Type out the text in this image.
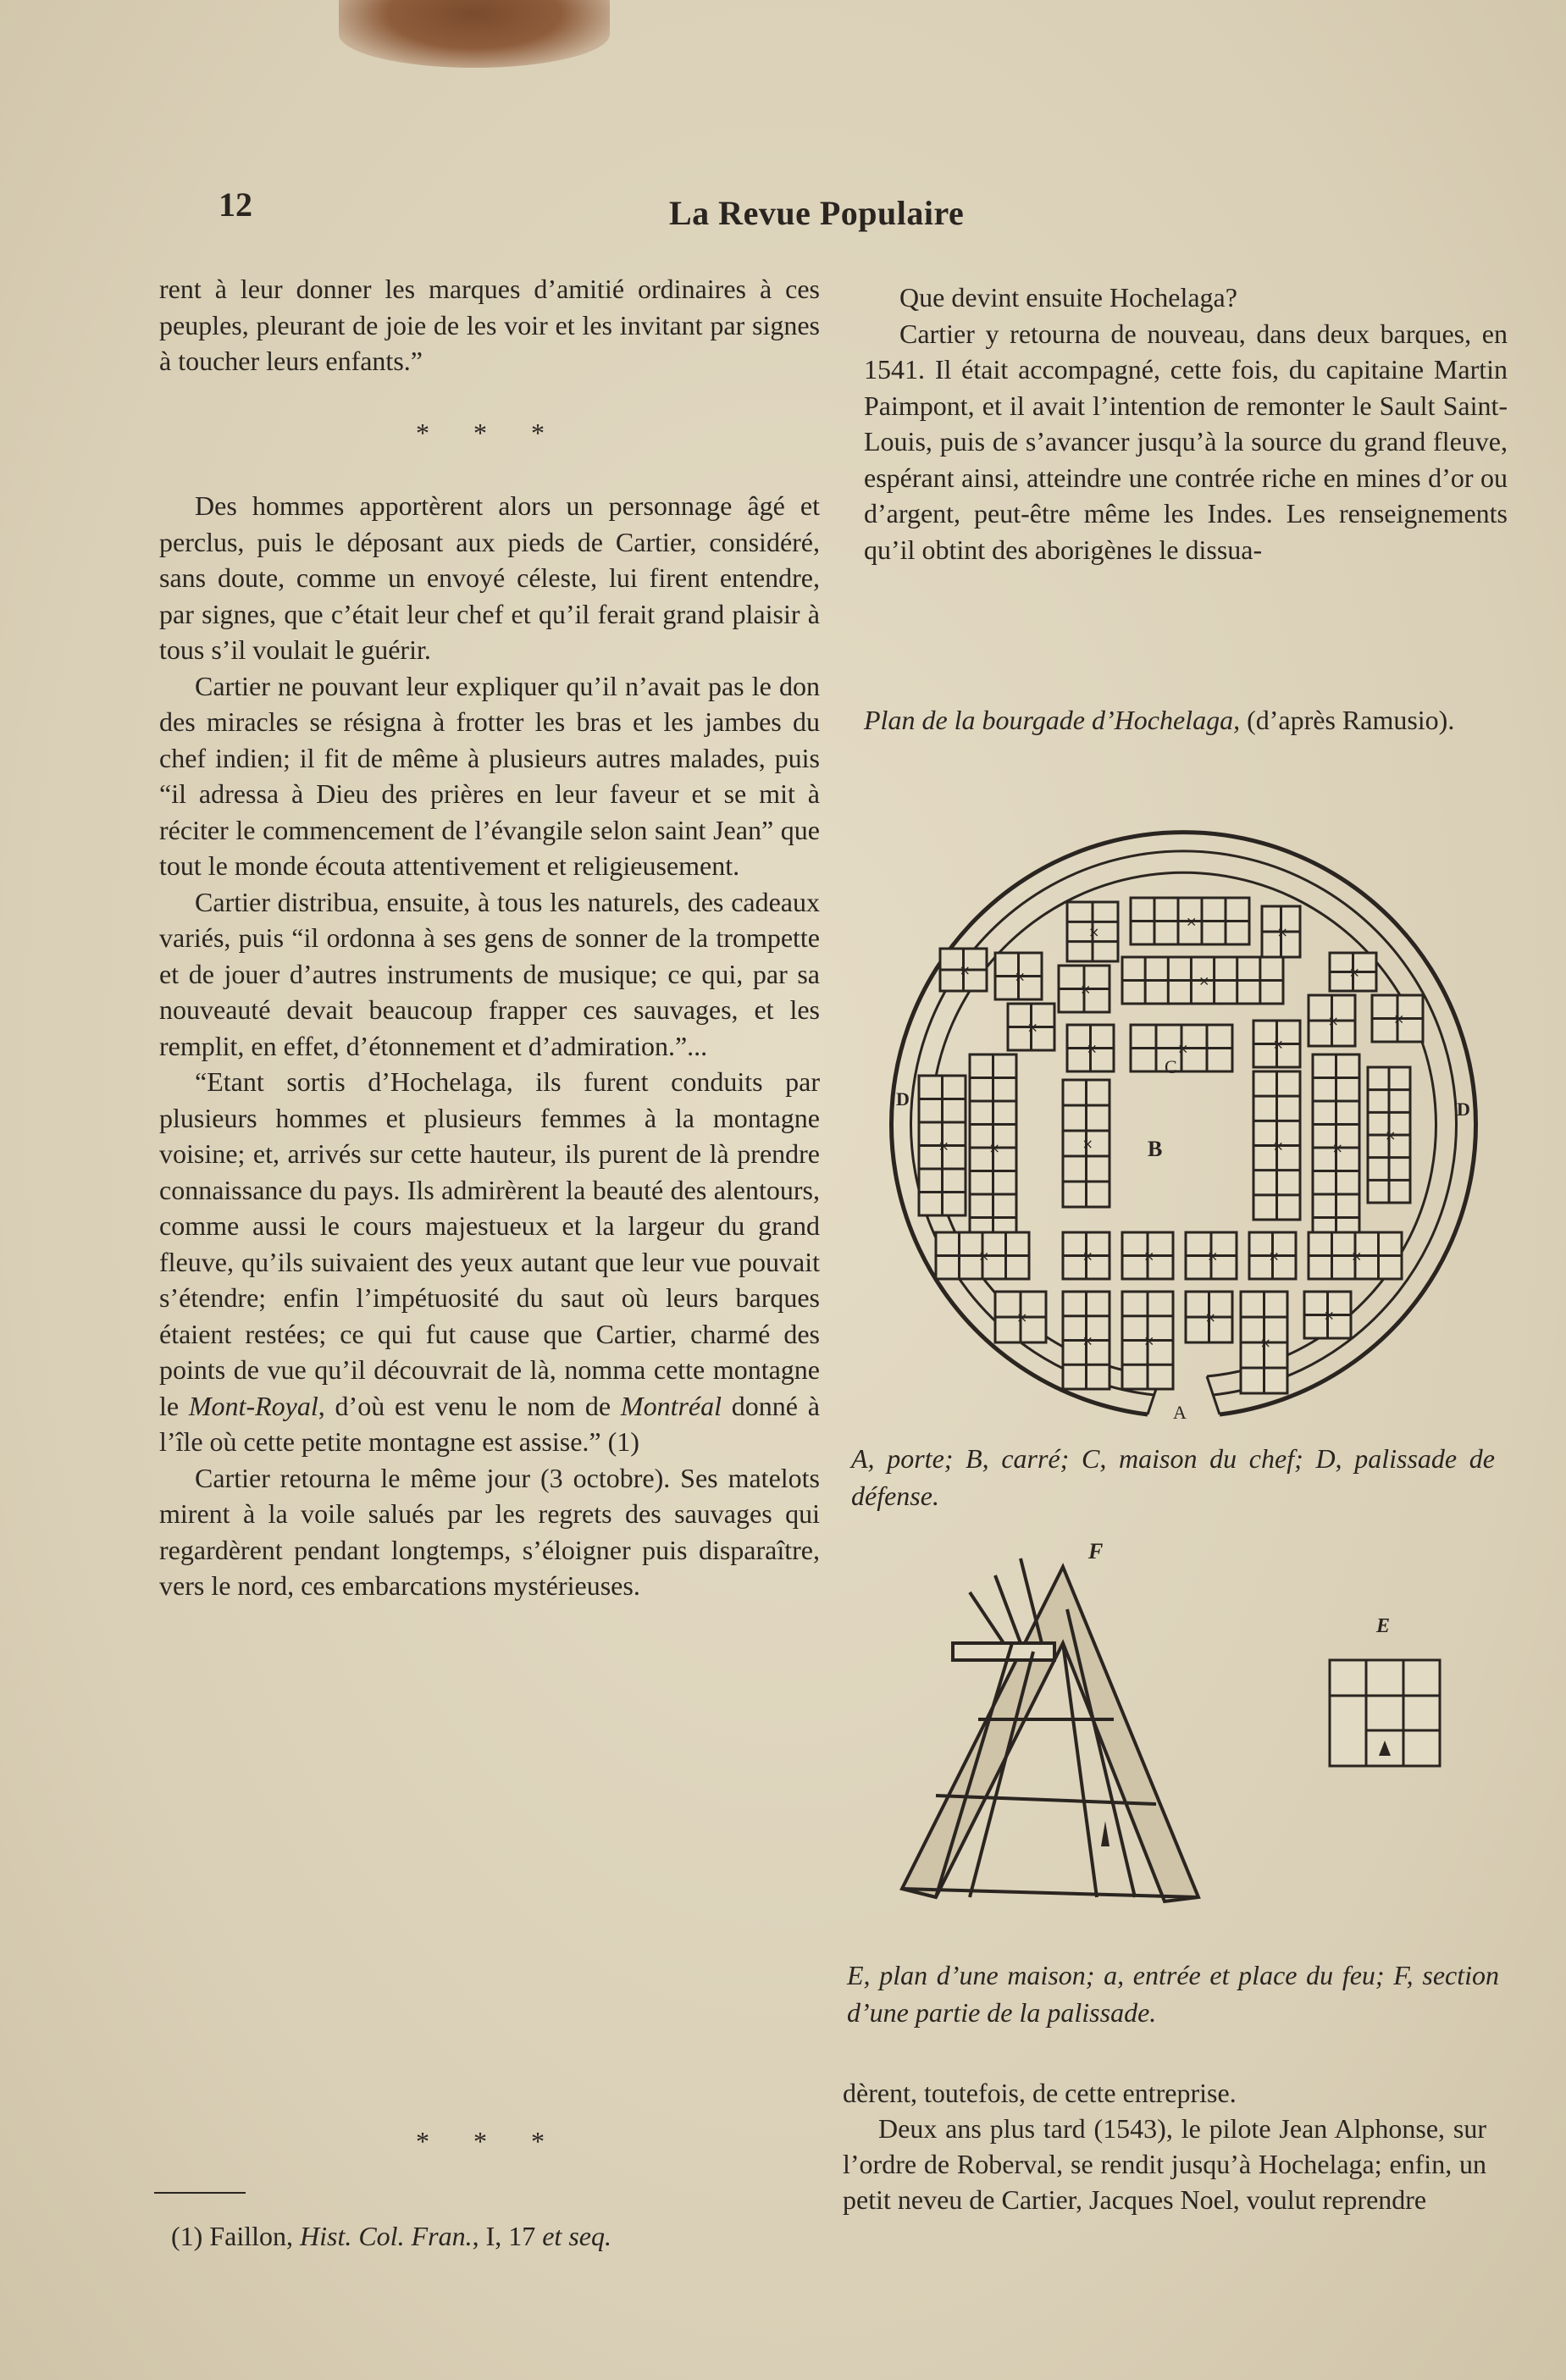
12	La Revue Populaire

rent à leur donner les marques d’amitié ordinaires à ces peuples, pleurant de joie de les voir et les invitant par signes à toucher leurs enfants.”

* * *

Des hommes apportèrent alors un personnage âgé et perclus, puis le déposant aux pieds de Cartier, considéré, sans doute, comme un envoyé céleste, lui firent entendre, par signes, que c’était leur chef et qu’il ferait grand plaisir à tous s’il voulait le guérir.

Cartier ne pouvant leur expliquer qu’il n’avait pas le don des miracles se résigna à frotter les bras et les jambes du chef indien; il fit de même à plusieurs autres malades, puis “il adressa à Dieu des prières en leur faveur et se mit à réciter le commencement de l’évangile selon saint Jean” que tout le monde écouta attentivement et religieusement.

Cartier distribua, ensuite, à tous les naturels, des cadeaux variés, puis “il ordonna à ses gens de sonner de la trompette et de jouer d’autres instruments de musique; ce qui, par sa nouveauté devait beaucoup frapper ces sauvages, et les remplit, en effet, d’étonnement et d’admiration.”...

“Etant sortis d’Hochelaga, ils furent conduits par plusieurs hommes et plusieurs femmes à la montagne voisine; et, arrivés sur cette hauteur, ils purent de là prendre connaissance du pays. Ils admirèrent la beauté des alentours, comme aussi le cours majestueux et la largeur du grand fleuve, qu’ils suivaient des yeux autant que leur vue pouvait s’étendre; enfin l’impétuosité du saut où leurs barques étaient restées; ce qui fut cause que Cartier, charmé des points de vue qu’il découvrait de là, nomma cette montagne le Mont-Royal, d’où est venu le nom de Montréal donné à l’île où cette petite montagne est assise.” (1)

Cartier retourna le même jour (3 octobre). Ses matelots mirent à la voile salués par les regrets des sauvages qui regardèrent pendant longtemps, s’éloigner puis disparaître, vers le nord, ces embarcations mystérieuses.

* * *
(1) Faillon, Hist. Col. Fran., I, 17 et seq.

Que devint ensuite Hochelaga?

Cartier y retourna de nouveau, dans deux barques, en 1541. Il était accompagné, cette fois, du capitaine Martin Paimpont, et il avait l’intention de remonter le Sault Saint-Louis, puis de s’avancer jusqu’à la source du grand fleuve, espérant ainsi, atteindre une contrée riche en mines d’or ou d’argent, peut-être même les Indes. Les renseignements qu’il obtint des aborigènes le dissua-

Plan de la bourgade d’Hochelaga, (d’après Ramusio).
×
×
×
×
×	×
×
×
×	×
×
×	×	×
×	×	×	×	×
×
×	×	×	×	×	×
×
×	×
×
×
×
A
B
C
D	D
A, porte; B, carré; C, maison du chef; D, palissade de défense.
F
E
E, plan d’une maison; a, entrée et place du feu; F, section d’une partie de la palissade.

dèrent, toutefois, de cette entreprise.

Deux ans plus tard (1543), le pilote Jean Alphonse, sur l’ordre de Roberval, se rendit jusqu’à Hochelaga; enfin, un petit neveu de Cartier, Jacques Noel, voulut reprendre
